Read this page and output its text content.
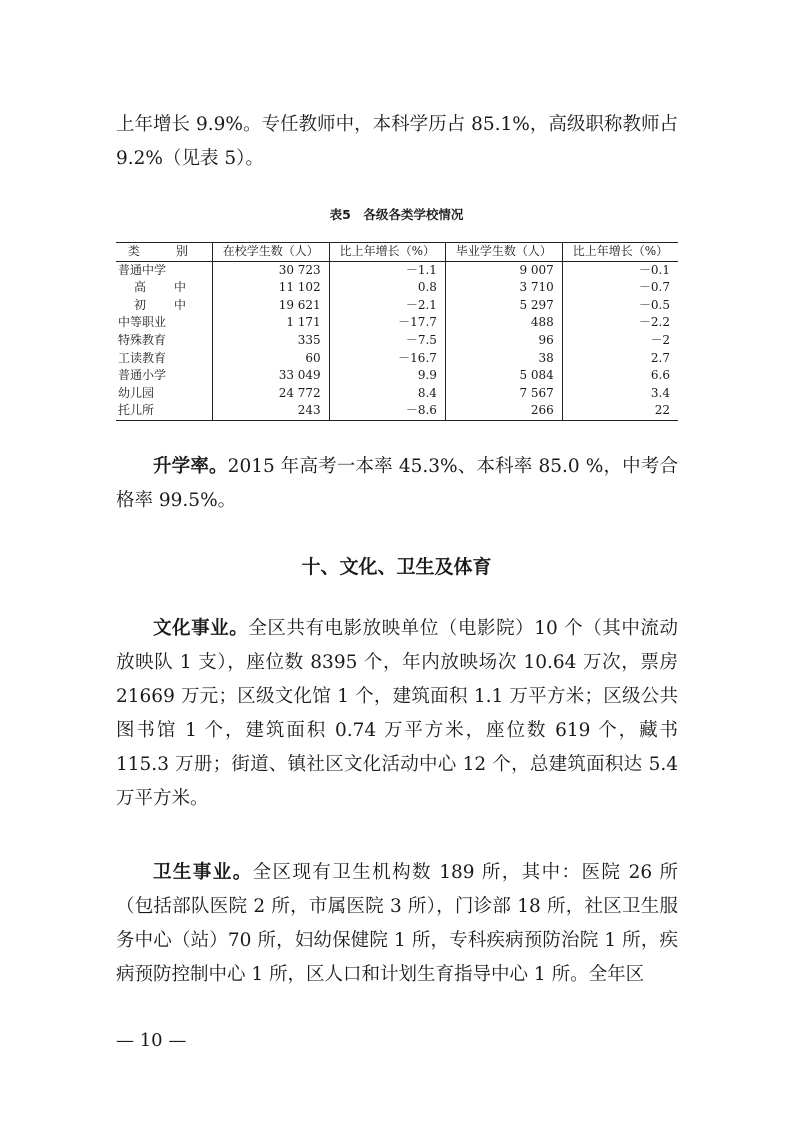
上年增长 9.9%。专任教师中，本科学历占 85.1%，高级职称教师占 9.2%（见表 5）。

表5　各级各类学校情况
类　别	在校学生数（人）	比上年增长（%）	毕业学生数（人）	比上年增长（%）
普通中学	30 723	－1.1	9 007	－0.1
高　中	11 102	0.8	3 710	－0.7
初　中	19 621	－2.1	5 297	－0.5
中等职业	1 171	－17.7	488	－2.2
特殊教育	335	－7.5	96	－2
工读教育	60	－16.7	38	2.7
普通小学	33 049	9.9	5 084	6.6
幼儿园	24 772	8.4	7 567	3.4
托儿所	243	－8.6	266	22

升学率。2015 年高考一本率 45.3%、本科率 85.0 %，中考合格率 99.5%。

十、文化、卫生及体育

文化事业。全区共有电影放映单位（电影院）10 个（其中流动放映队 1 支），座位数 8395 个，年内放映场次 10.64 万次，票房 21669 万元；区级文化馆 1 个，建筑面积 1.1 万平方米；区级公共图书馆 1 个，建筑面积 0.74 万平方米，座位数 619 个，藏书 115.3 万册；街道、镇社区文化活动中心 12 个，总建筑面积达 5.4 万平方米。

卫生事业。全区现有卫生机构数 189 所，其中：医院 26 所（包括部队医院 2 所，市属医院 3 所），门诊部 18 所，社区卫生服务中心（站）70 所，妇幼保健院 1 所，专科疾病预防治院 1 所，疾病预防控制中心 1 所，区人口和计划生育指导中心 1 所。全年区

— 10 —
